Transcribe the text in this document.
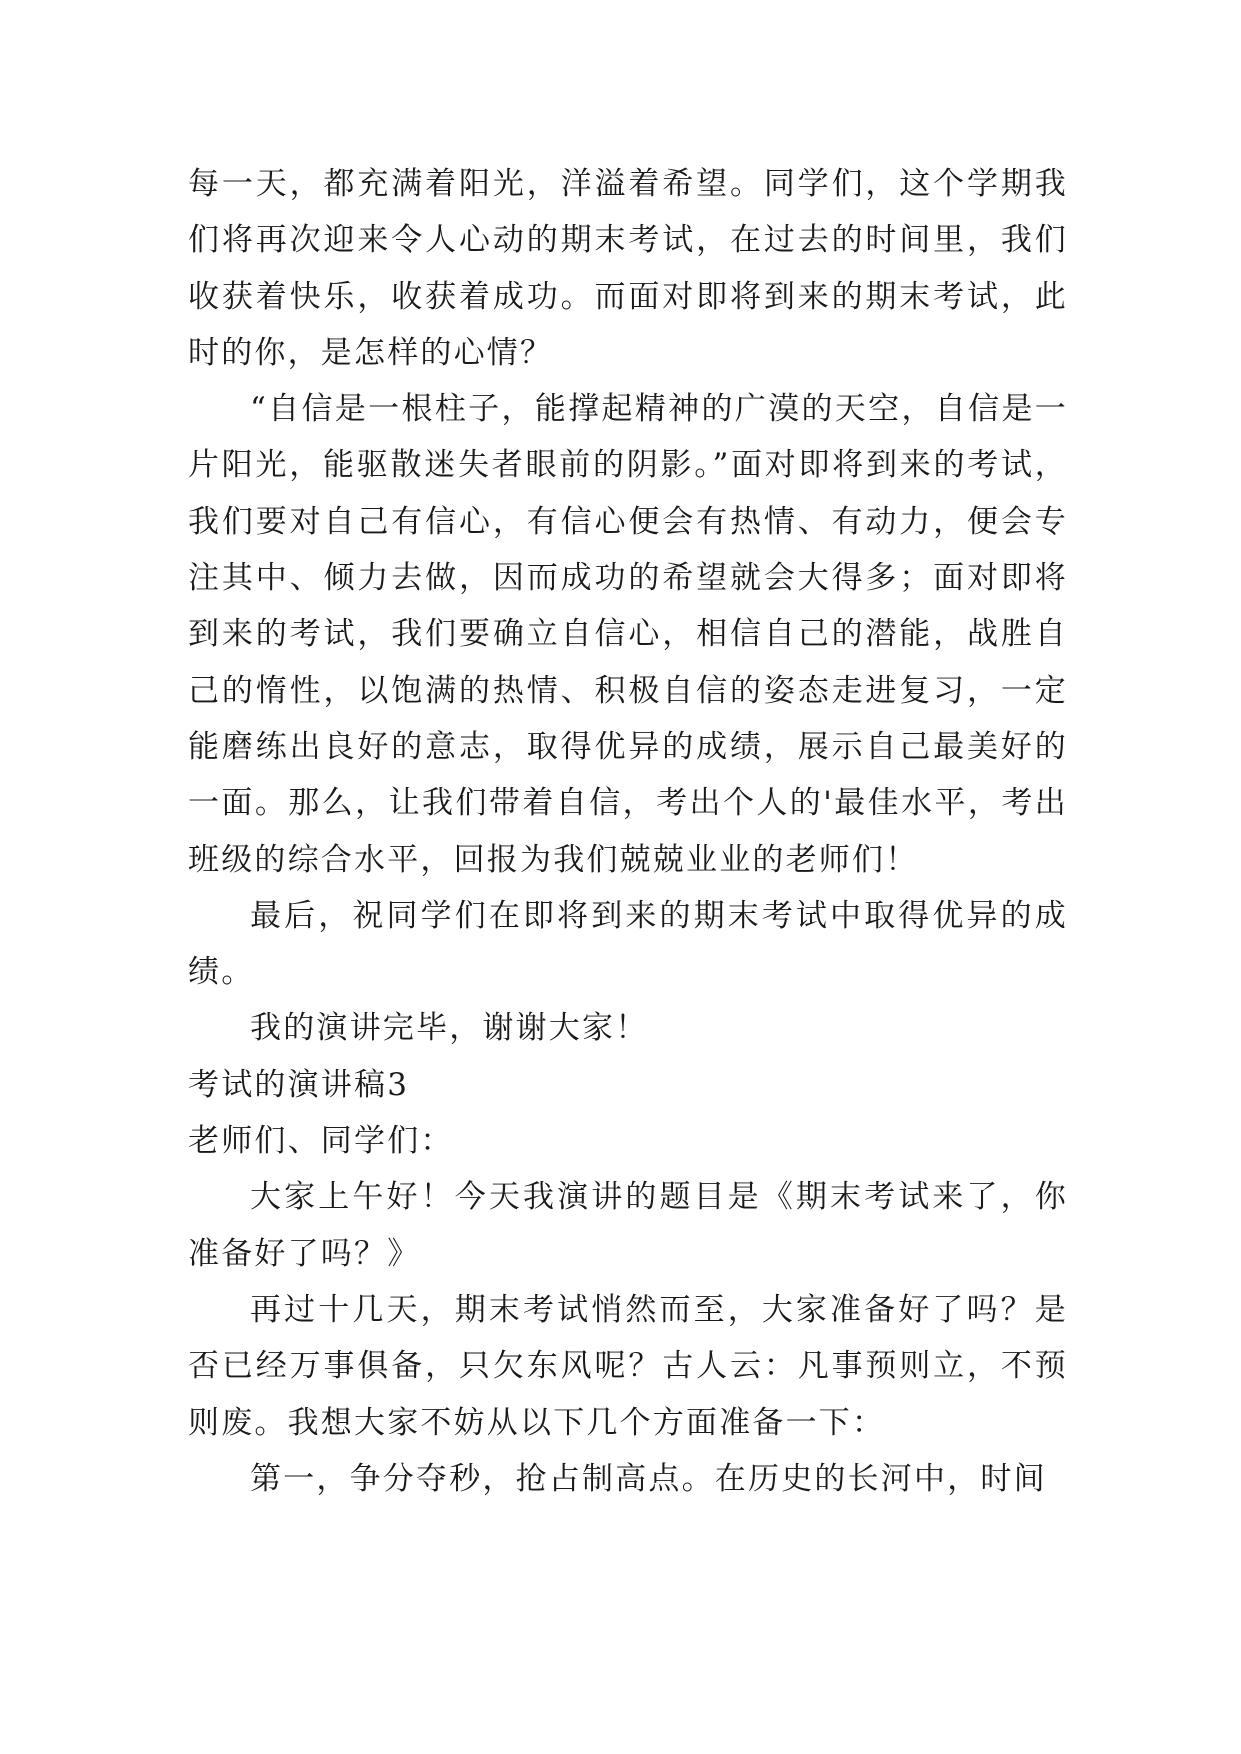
每一天，都充满着阳光，洋溢着希望。同学们，这个学期我们将再次迎来令人心动的期末考试，在过去的时间里，我们收获着快乐，收获着成功。而面对即将到来的期末考试，此时的你，是怎样的心情？

“自信是一根柱子，能撑起精神的广漠的天空，自信是一片阳光，能驱散迷失者眼前的阴影。”面对即将到来的考试，我们要对自己有信心，有信心便会有热情、有动力，便会专注其中、倾力去做，因而成功的希望就会大得多；面对即将到来的考试，我们要确立自信心，相信自己的潜能，战胜自己的惰性，以饱满的热情、积极自信的姿态走进复习，一定能磨练出良好的意志，取得优异的成绩，展示自己最美好的一面。那么，让我们带着自信，考出个人的'最佳水平，考出班级的综合水平，回报为我们兢兢业业的老师们！

最后，祝同学们在即将到来的期末考试中取得优异的成绩。

我的演讲完毕，谢谢大家！

考试的演讲稿3

老师们、同学们：

大家上午好！今天我演讲的题目是《期末考试来了，你准备好了吗？》

再过十几天，期末考试悄然而至，大家准备好了吗？是否已经万事俱备，只欠东风呢？古人云：凡事预则立，不预则废。我想大家不妨从以下几个方面准备一下：

第一，争分夺秒，抢占制高点。在历史的长河中，时间
